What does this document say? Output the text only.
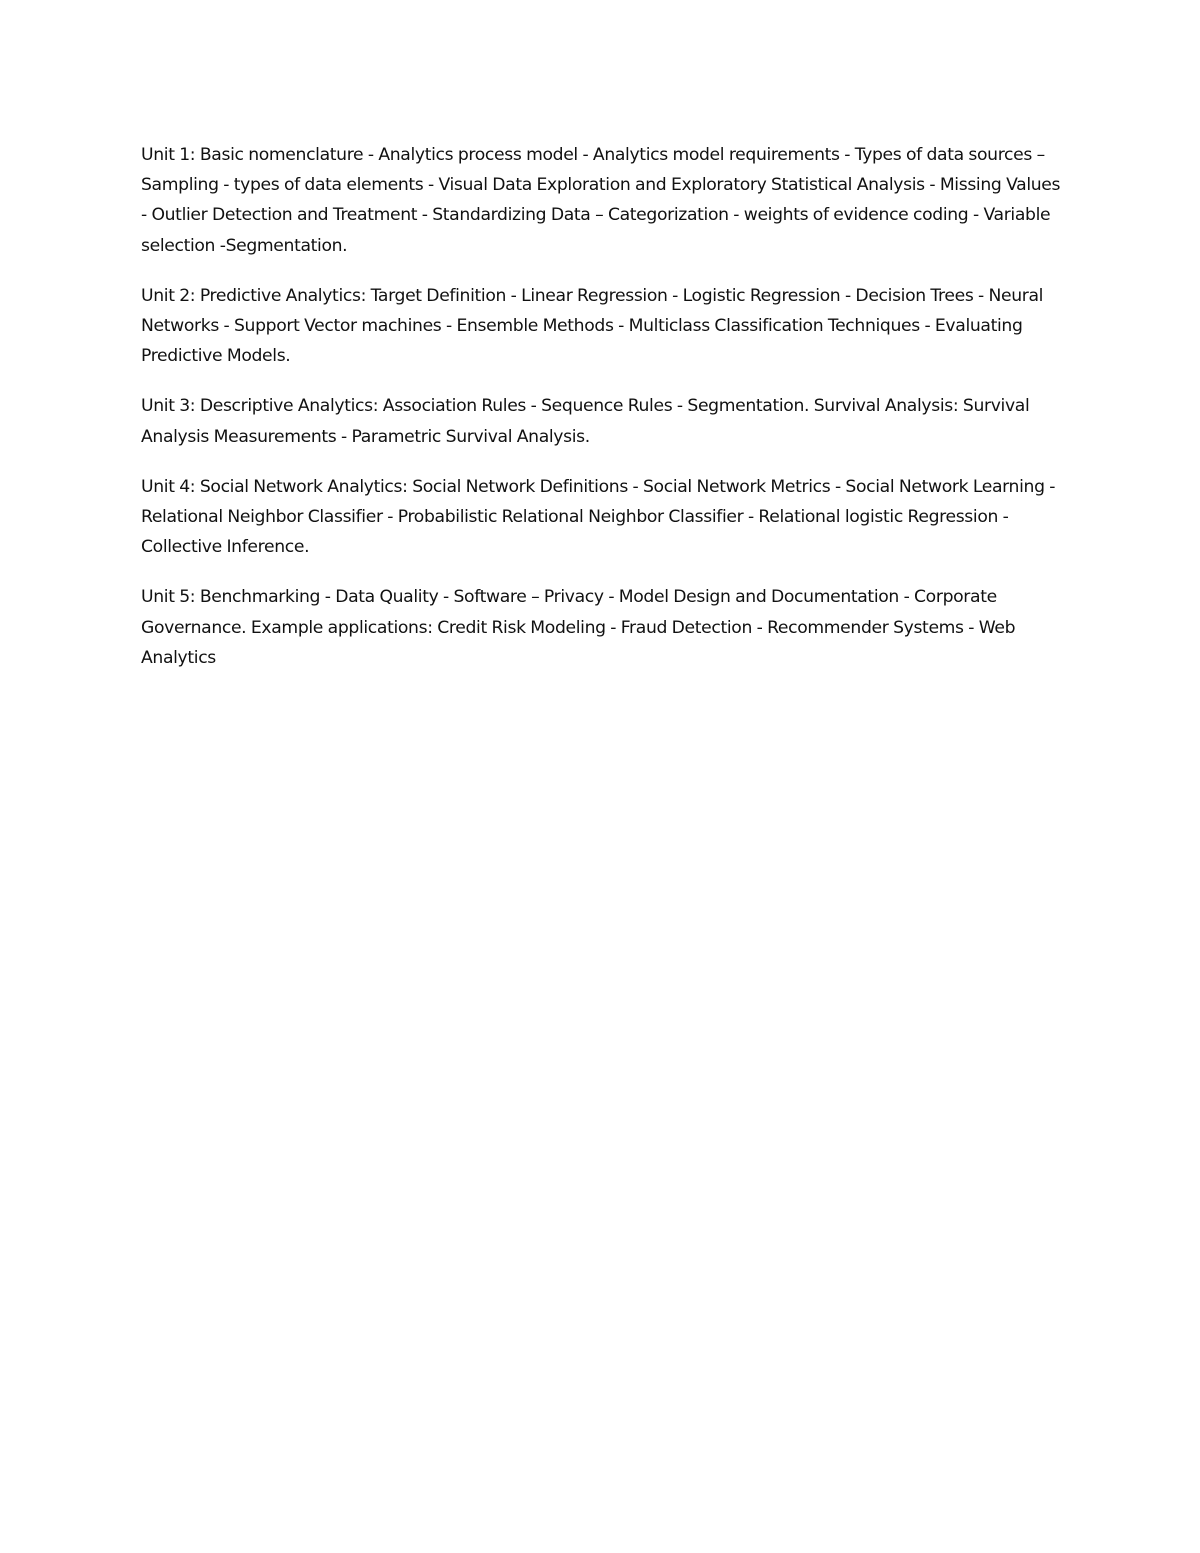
Unit 1: Basic nomenclature - Analytics process model - Analytics model requirements - Types of data sources – Sampling - types of data elements - Visual Data Exploration and Exploratory Statistical Analysis - Missing Values - Outlier Detection and Treatment - Standardizing Data – Categorization - weights of evidence coding - Variable selection -Segmentation.

Unit 2: Predictive Analytics: Target Definition - Linear Regression - Logistic Regression - Decision Trees - Neural Networks - Support Vector machines - Ensemble Methods - Multiclass Classification Techniques - Evaluating Predictive Models.

Unit 3: Descriptive Analytics: Association Rules - Sequence Rules - Segmentation. Survival Analysis: Survival Analysis Measurements - Parametric Survival Analysis.

Unit 4: Social Network Analytics: Social Network Definitions - Social Network Metrics - Social Network Learning -Relational Neighbor Classifier - Probabilistic Relational Neighbor Classifier - Relational logistic Regression - Collective Inference.

Unit 5: Benchmarking - Data Quality - Software – Privacy - Model Design and Documentation - Corporate Governance. Example applications: Credit Risk Modeling - Fraud Detection - Recommender Systems - Web Analytics
